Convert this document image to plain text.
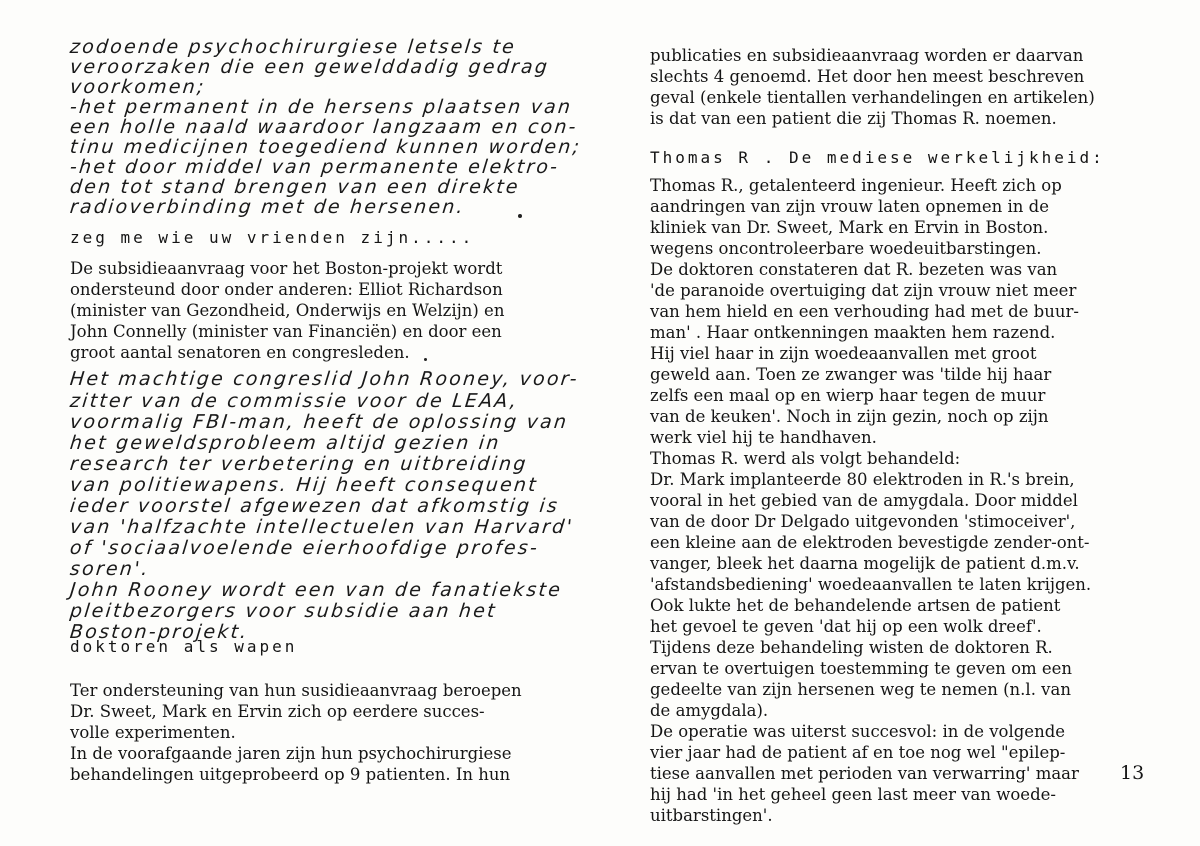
zodoende psychochirurgiese letsels te
veroorzaken die een gewelddadig gedrag
voorkomen;
-het permanent in de hersens plaatsen van
een holle naald waardoor langzaam en con-
tinu medicijnen toegediend kunnen worden;
-het door middel van permanente elektro-
den tot stand brengen van een direkte
radioverbinding met de hersenen.
zeg me wie uw vrienden zijn.....
De subsidieaanvraag voor het Boston-projekt wordt
ondersteund door onder anderen: Elliot Richardson
(minister van Gezondheid, Onderwijs en Welzijn) en
John Connelly (minister van Financiën) en door een
groot aantal senatoren en congresleden.
Het machtige congreslid John Rooney, voor-
zitter van de commissie voor de LEAA,
voormalig FBI-man, heeft de oplossing van
het geweldsprobleem altijd gezien in
research ter verbetering en uitbreiding
van politiewapens. Hij heeft consequent
ieder voorstel afgewezen dat afkomstig is
van 'halfzachte intellectuelen van Harvard'
of 'sociaalvoelende eierhoofdige profes-
soren'.
John Rooney wordt een van de fanatiekste
pleitbezorgers voor subsidie aan het
Boston-projekt.
doktoren als wapen
Ter ondersteuning van hun susidieaanvraag beroepen
Dr. Sweet, Mark en Ervin zich op eerdere succes-
volle experimenten.
In de voorafgaande jaren zijn hun psychochirurgiese
behandelingen uitgeprobeerd op 9 patienten. In hun
publicaties en subsidieaanvraag worden er daarvan
slechts 4 genoemd. Het door hen meest beschreven
geval (enkele tientallen verhandelingen en artikelen)
is dat van een patient die zij Thomas R. noemen.
Thomas R . De mediese werkelijkheid:
Thomas R., getalenteerd ingenieur. Heeft zich op
aandringen van zijn vrouw laten opnemen in de
kliniek van Dr. Sweet, Mark en Ervin in Boston.
wegens oncontroleerbare woedeuitbarstingen.
De doktoren constateren dat R. bezeten was van
'de paranoide overtuiging dat zijn vrouw niet meer
van hem hield en een verhouding had met de buur-
man' . Haar ontkenningen maakten hem razend.
Hij viel haar in zijn woedeaanvallen met groot
geweld aan. Toen ze zwanger was 'tilde hij haar
zelfs een maal op en wierp haar tegen de muur
van de keuken'. Noch in zijn gezin, noch op zijn
werk viel hij te handhaven.
Thomas R. werd als volgt behandeld:
Dr. Mark implanteerde 80 elektroden in R.'s brein,
vooral in het gebied van de amygdala. Door middel
van de door Dr Delgado uitgevonden 'stimoceiver',
een kleine aan de elektroden bevestigde zender-ont-
vanger, bleek het daarna mogelijk de patient d.m.v.
'afstandsbediening' woedeaanvallen te laten krijgen.
Ook lukte het de behandelende artsen de patient
het gevoel te geven 'dat hij op een wolk dreef'.
Tijdens deze behandeling wisten de doktoren R.
ervan te overtuigen toestemming te geven om een
gedeelte van zijn hersenen weg te nemen (n.l. van
de amygdala).
De operatie was uiterst succesvol: in de volgende
vier jaar had de patient af en toe nog wel "epilep-
tiese aanvallen met perioden van verwarring' maar
hij had 'in het geheel geen last meer van woede-
uitbarstingen'.
13
